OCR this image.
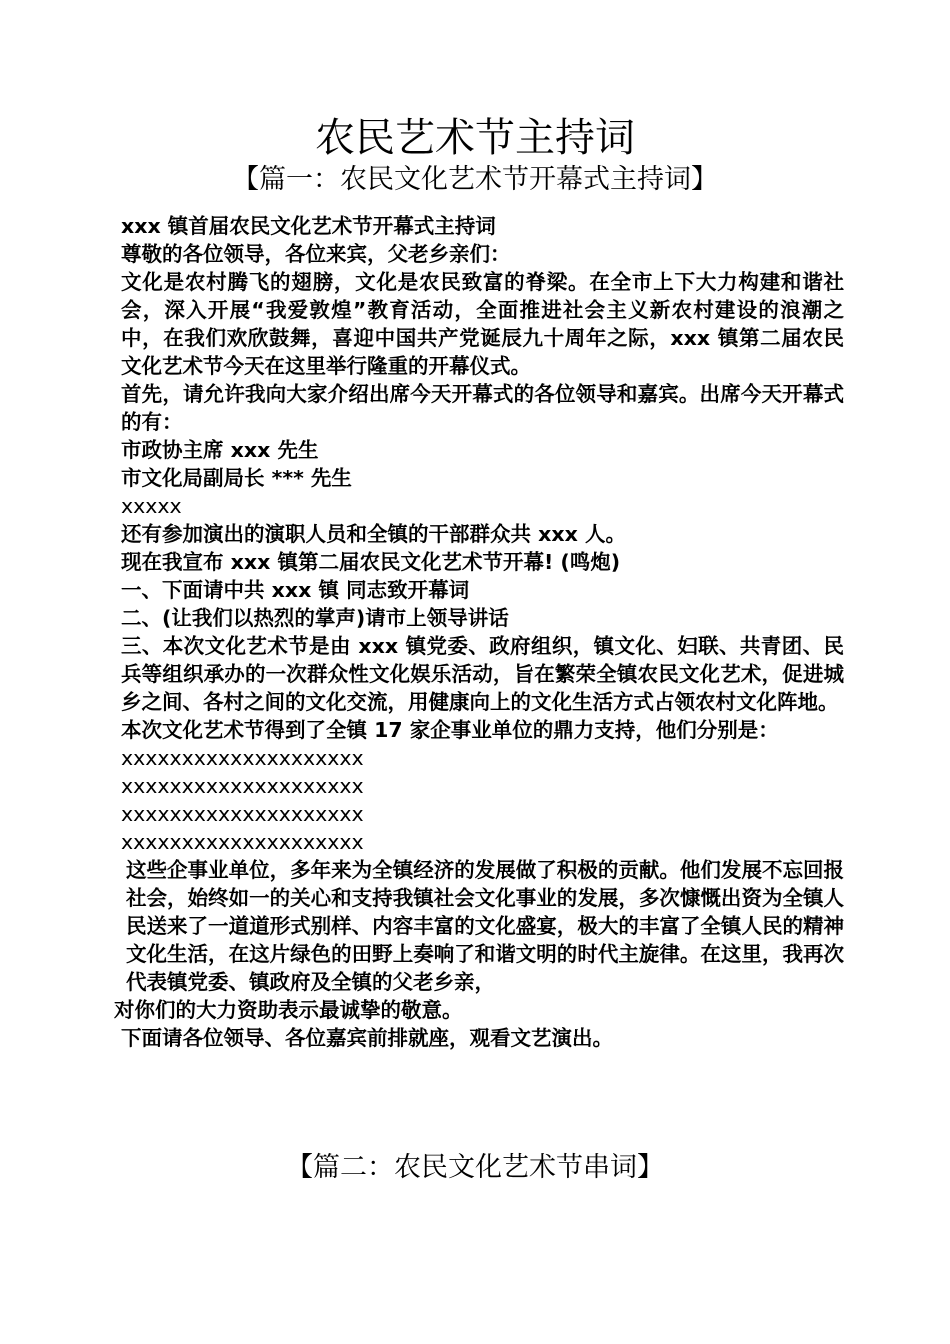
农民艺术节主持词
【篇一：农民文化艺术节开幕式主持词】

xxx 镇首届农民文化艺术节开幕式主持词

尊敬的各位领导，各位来宾，父老乡亲们：

文化是农村腾飞的翅膀，文化是农民致富的脊梁。在全市上下大力构建和谐社会，深入开展“我爱敦煌”教育活动，全面推进社会主义新农村建设的浪潮之中，在我们欢欣鼓舞，喜迎中国共产党诞辰九十周年之际，xxx 镇第二届农民文化艺术节今天在这里举行隆重的开幕仪式。

首先，请允许我向大家介绍出席今天开幕式的各位领导和嘉宾。出席今天开幕式的有：

市政协主席 xxx 先生

市文化局副局长 *** 先生

xxxxx

还有参加演出的演职人员和全镇的干部群众共 xxx 人。

现在我宣布 xxx 镇第二届农民文化艺术节开幕! (鸣炮)

一、下面请中共 xxx 镇 同志致开幕词

二、(让我们以热烈的掌声)请市上领导讲话

三、本次文化艺术节是由 xxx 镇党委、政府组织，镇文化、妇联、共青团、民兵等组织承办的一次群众性文化娱乐活动，旨在繁荣全镇农民文化艺术，促进城乡之间、各村之间的文化交流，用健康向上的文化生活方式占领农村文化阵地。

本次文化艺术节得到了全镇 17 家企事业单位的鼎力支持，他们分别是：

xxxxxxxxxxxxxxxxxxxx

xxxxxxxxxxxxxxxxxxxx

xxxxxxxxxxxxxxxxxxxx

xxxxxxxxxxxxxxxxxxxx

这些企事业单位，多年来为全镇经济的发展做了积极的贡献。他们发展不忘回报社会，始终如一的关心和支持我镇社会文化事业的发展，多次慷慨出资为全镇人民送来了一道道形式别样、内容丰富的文化盛宴，极大的丰富了全镇人民的精神文化生活，在这片绿色的田野上奏响了和谐文明的时代主旋律。在这里，我再次代表镇党委、镇政府及全镇的父老乡亲，

对你们的大力资助表示最诚挚的敬意。

下面请各位领导、各位嘉宾前排就座，观看文艺演出。

【篇二：农民文化艺术节串词】
